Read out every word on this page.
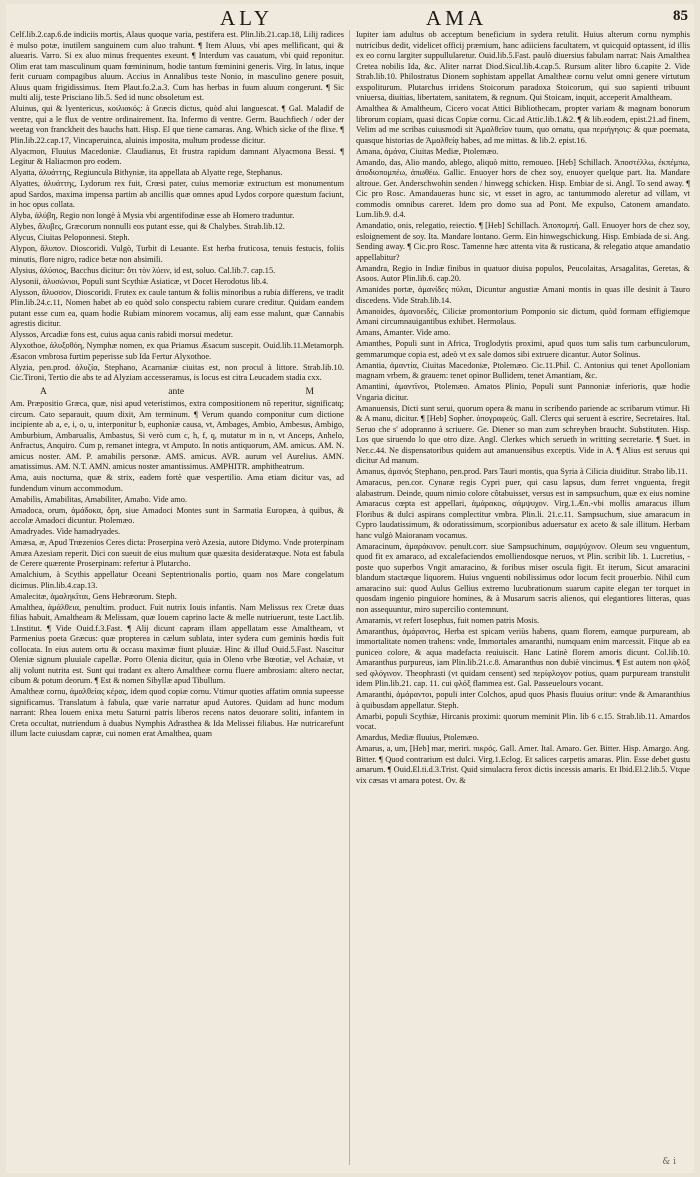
ALY	AMA	85

Celf.lib.2.cap.6.de indiciis mortis, Alaus quoque varia, pestifera est. Plin.lib.21.cap.18, Lilij radices è mulso potæ, inutilem sanguinem cum aluo trahunt. ¶ Item Aluus, vbi apes mellificant, qui & aluearis. Varro. Si ex aluo minus frequentes exeunt. ¶ Interdum vas cauatum, vbi quid reponitur. Olim erat tam masculinum quam fœmininum, hodie tantum fœminini generis. Virg. In latus, inque ferit curuam compagibus aluum. Accius in Annalibus teste Nonio, in masculino genere posuit, Aluus quam frigidissimus. Item Plaut.fo.2.a.3. Cum has herbas in fuum aluum congerunt. ¶ Sic multi alij, teste Prisciano lib.5. Sed id nunc obsoletum est.

Aluinus, qui & lyentericus, κοιλιακός: à Græcis dictus, quòd alui languescat. ¶ Gal. Maladif de ventre, qui a le flux de ventre ordinairement. Ita. Infermo di ventre. Germ. Bauchfiech / oder der weetag von franckheit des bauchs hatt. Hisp. El que tiene camaras. Ang. Which sicke of the flixe. ¶ Plin.lib.22.cap.17, Vincaperuinca, aluinis imposita, multum prodesse dicitur.

Alyacmon, Fluuius Macedoniæ. Claudianus, Et frustra rapidum damnant Alyacmona Bessi. ¶ Legitur & Haliacmon pro eodem.

Alyatta, ἀλυάττης, Regiuncula Bithyniæ, ita appellata ab Alyatte rege, Stephanus.

Alyattes, ἀλυάττης, Lydorum rex fuit, Crœsi pater, cuius memoriæ extructum est monumentum apud Sardos, maxima impensa partim ab ancillis quæ omnes apud Lydos corpore quæstum faciunt, in hoc opus collata.

Alyba, ἀλύβη, Regio non longè à Mysia vbi argentifodinæ esse ab Homero traduntur.

Alybes, ἄλυβες, Græcorum nonnulli eos putant esse, qui & Chalybes. Strab.lib.12.

Alycus, Ciuitas Peloponnesi. Steph.

Alypon, ἄλυπον. Dioscoridi. Vulgò, Turbit di Leuante. Est herba fruticosa, tenuis festucis, foliis minutis, flore nigro, radice betæ non absimili.

Alysius, ἀλύσιος, Bacchus dicitur: ὅτι τὸν λύειν, id est, soluo. Cal.lib.7. cap.15.

Alysonii, ἀλυσώνιοι, Populi sunt Scythiæ Asiaticæ, vt Docet Herodotus lib.4.

Alysson, ἄλυσσον, Dioscoridi. Frutex ex caule tantum & foliis minoribus a rubia differens, ve tradit Plin.lib.24.c.11, Nomen habet ab eo quòd solo conspectu rabiem curare creditur. Quidam eandem putant esse cum ea, quam hodie Rubiam minorem vocamus, alij eam esse malunt, quæ Cannabis agrestis dicitur.

Alyssos, Arcadiæ fons est, cuius aqua canis rabidi morsui medetur.

Alyxothoe, ἀλυξοθόη, Nymphæ nomen, ex qua Priamus Æsacum suscepit. Ouid.lib.11.Metamorph. Æsacon vmbrosa furtim peperisse sub Ida Fertur Alyxothoe.

Alyzia, pen.prod. ἀλυζία, Stephano, Acarnaniæ ciuitas est, non procul à littore. Strab.lib.10. Cic.Tironi, Tertio die abs te ad Alyziam accesseramus, is locus est citra Leucadem stadia cxx.

A	ante	M

Am. Præpositio Græca, quæ, nisi apud veteristimos, extra compositionem nō reperitur, significatq; circum. Cato separauit, quum dixit, Am terminum. ¶ Verum quando componitur cum dictione incipiente ab a, e, i, o, u, interponitur b, euphoniæ causa, vt, Ambages, Ambio, Ambesus, Ambigo, Amburbium, Ambarualis, Ambastus, Si verò cum c, h, f, q, mutatur m in n, vt Anceps, Anhelo, Anfractus, Anquiro. Cum p, remanet integra, vt Amputo. In notis antiquorum, AM. amicus. AM. N. amicus noster. AM. P. amabilis personæ. AMS. amicus. AVR. aurum vel Aurelius. AMN. amatissimus. AM. N.T. AMN. amicus noster amantissimus. AMPHITR. amphitheatrum.

Ama, auis nocturna, quæ & strix, eadem fortè quæ vespertilio. Ama etiam dicitur vas, ad fundendum vinum accommodum.

Amabilis, Amabilitas, Amabiliter, Amabo. Vide amo.

Amadoca, orum, ἀμάδοκα, ὄρη, siue Amadoci Montes sunt in Sarmatia Europæa, à quibus, & accolæ Amadoci dicuntur. Ptolemæo.

Amadryades. Vide hamadryades.

Amæsa, æ, Apud Trœzenios Ceres dicta: Proserpina verò Azesia, autore Didymo. Vnde proterpinam Amæa Azesiam reperit. Dici con sueuit de eius multum quæ quæsita desideratæque. Nota est fabula de Cerere quærente Proserpinam: refertur à Plutarcho.

Amalchium, à Scythis appellatur Oceani Septentrionalis portio, quam nos Mare congelatum dicimus. Plin.lib.4.cap.13.

Amalecitæ, ἀμαληκῖται, Gens Hebræorum. Steph.

Amalthea, ἀμάλθεια, penultim. product. Fuit nutrix Iouis infantis. Nam Melissus rex Cretæ duas filias habuit, Amaltheam & Melissam, quæ Iouem caprino lacte & melle nutriuerunt, teste Lact.lib. 1.Institut. ¶ Vide Ouid.f.3.Fast. ¶ Alij dicunt capram illam appellatam esse Amaltheam, vt Parmenius poeta Græcus: quæ propterea in cælum sublata, inter sydera cum geminis hœdis fuit collocata. In eius autem ortu & occasu maximæ fiunt pluuiæ. Hinc & illud Ouid.5.Fast. Nascitur Oleniæ signum pluuiale capellæ. Porro Olenia dicitur, quia in Oleno vrbe Bœotiæ, vel Achaiæ, vt alij volunt nutrita est. Sunt qui tradant ex altero Amaltheæ cornu fluere ambrosiam: altero nectar, cibum & potum deorum. ¶ Est & nomen Sibyllæ apud Tibullum.

Amaltheæ cornu, ἀμαλθείας κέρας, idem quod copiæ cornu. Vtimur quoties affatim omnia supeesse significamus. Translatum à fabula, quæ varie narratur apud Autores. Quidam ad hunc modum narrant: Rhea louem enixa metu Saturni patris liberos recens natos deuorare soliti, infantem in Creta occultat, nutriendum à duabus Nymphis Adrasthea & Ida Melissei filiabus. Hæ nutricarefunt illum lacte cuiusdam capræ, cui nomen erat Amalthea, quam

Iupiter iam adultus ob acceptum beneficium in sydera retulit. Huius alterum cornu nymphis nutricibus dedit, videlicet officij præmium, hanc adiiciens facultatem, vt quicquid optassent, id illis ex eo cornu largiter suppullularetur. Ouid.lib.5.Fast. paulò diuersius fabulam narrat: Nais Amalthea Cretea nobilis Ida, &c. Aliter narrat Diod.Sicul.lib.4.cap.5. Rursum aliter libro 6.capite 2. Vide Strab.lib.10. Philostratus Dionem sophistam appellat Amaltheæ cornu velut omni genere virtutum exspoliturum. Plutarchus irridens Stoicorum paradoxa Stoicorum, qui suo sapienti tribuunt vniuersa, diuitias, libertatem, sanitatem, & regnum. Qui Stoicam, inquit, acceperit Amaltheam.

Amalthea & Amaltheum, Cicero vocat Attici Bibliothecam, propter variam & magnam bonorum librorum copiam, quasi dicas Copiæ cornu. Cic.ad Attic.lib.1.&2. ¶ & lib.eodem, epist.21.ad finem, Velim ad me scribas cuiusmodi sit Ἀμαλθεῖον tuum, quo ornatu, qua περιήγησις: & quæ poemata, quasque historias de Ἀμαλθείᾳ habes, ad me mittas. & lib.2. epist.16.

Amana, ἀμάνα, Ciuitas Mediæ, Ptolemæo.

Amando, das, Alio mando, ablego, aliquò mitto, remoueo. [Heb] Schillach. Ἀποστέλλω, ἐκπέμπω, ἀποδιοπομπέω, ἀπωθέω. Gallic. Enuoyer hors de chez soy, enuoyer quelque part. Ita. Mandare altroue. Ger. Anderschwohin senden / hinwegg schicken. Hisp. Embiar de si. Angl. To send away. ¶ Cic pro Rosc. Amandaueras hunc sic, vt esset in agro, ac tantummodo aleretur ad villam, vt commodis omnibus careret. Idem pro domo sua ad Pont. Me expulso, Catonem amandato. Lum.lib.9. d.4.

Amandatio, onis, relegatio, reiectio. ¶ [Heb] Schillach. Ἀποπομπή. Gall. Enuoyer hors de chez soy, esloignement de soy. Ita. Mandare lontano. Germ. Ein hinwegschickung. Hisp. Embiada de si. Ang. Sending away. ¶ Cic.pro Rosc. Tamenne hæc attenta vita & rusticana, & relegatio atque amandatio appellabitur?

Amandra, Regio in Indiæ finibus in quatuor diuisa populos, Peucolaitas, Arsagalitas, Geretas, & Asoos. Autor Plin.lib.6. cap.20.

Amanides portæ, ἀμανίδες πύλαι, Dicuntur angustiæ Amani montis in quas ille desinit à Tauro discedens. Vide Strab.lib.14.

Amanoides, ἀμανοειδὲς, Ciliciæ promontorium Pomponio sic dictum, quòd formam effigiemque Amani circumnauigantibus exhibet. Hermolaus.

Amans, Amanter. Vide amo.

Amanthes, Populi sunt in Africa, Troglodytis proximi, apud quos tum salis tum carbunculorum, gemmarumque copia est, adeò vt ex sale domos sibi extruere dicantur. Autor Solinus.

Amantia, ἀμαντία, Ciuitas Macedoniæ, Ptolemæo. Cic.11.Phil. C. Antonius qui tenet Apolloniam magnam vrbem, & grauem: tenet opinor Bullidem, tenet Amantiam, &c.

Amantini, ἀμαντῖνοι, Ptolemæo. Amatos Plinio, Populi sunt Pannoniæ inferioris, quæ hodie Vngaria dicitur.

Amanuensis, Dicti sunt serui, quorum opera & manu in scribendo pariende ac scribarum vtimur. Hi & A manu, dicitur. ¶ [Heb] Sopher. ὑπογραφεύς. Gall. Clercs qui seruent à escrire, Secretaires. Ital. Seruo che s' adopranno à scriuere. Ge. Diener so man zum schreyben braucht. Substituten. Hisp. Los que siruendo lo que otro dize. Angl. Clerkes which serueth in writting secretarie. ¶ Suet. in Ner.c.44. Ne dispensatoribus quidem aut amanuensibus exceptis. Vide in A. ¶ Alius est seruus qui dicitur Ad manum.

Amanus, ἀμανός Stephano, pen.prod. Pars Tauri montis, qua Syria à Cilicia diuiditur. Strabo lib.11.

Amaracus, pen.cor. Cynaræ regis Cypri puer, qui casu lapsus, dum ferret vnguenta, fregit alabastrum. Deinde, quum nimio colore côtabuisset, versus est in sampsuchum, quæ ex eius nomine Amaracus cœpta est appellari, ἀμάρακος, σάμψυχον. Virg.1.Æn.-vbi mollis amaracus illum Floribus & dulci aspirans complectitur vmbra. Plin.li. 21.c.11. Sampsuchum, siue amaracum in Cypro laudatissimum, & odoratissimum, scorpionibus aduersatur ex aceto & sale illitum. Herbam hanc vulgò Maioranam vocamus.

Amaracinum, ἀμαράκινον. penult.corr. siue Sampsuchinum, σαμψύχινον. Oleum seu vnguentum, quod fit ex amaraco, ad excalefaciendos emolliendosque neruos, vt Plin. scribit lib. 1. Lucretius, -poste quo superbos Vngit amaracino, & foribus miser oscula figit. Et iterum, Sicut amaracini blandum stactæque liquorem. Huius vnguenti nobilissimus odor locum fecit prouerbio. Nihil cum amaracino sui: quod Aulus Gellius extremo lucubrationum suarum capite elegan ter torquet in quosdam ingenio pinguiore homines, & à Musarum sacris alienos, qui elegantiores litteras, quas non assequuntur, miro supercilio contemnunt.

Amaramis, vt refert Iosephus, fuit nomen patris Mosis.

Amaranthus, ἀμάραντος, Herba est spicam veriùs habens, quam florem, eamque purpuream, ab immortalitate nomen trahens: vnde, Immortales amaranthi, numquam enim marcessit. Fitque ab ea puniceo colore, & aqua madefacta reuiuiscit. Hanc Latinè florem amoris dicunt. Col.lib.10. Amaranthus purpureus, iam Plin.lib.21.c.8. Amaranthus non dubiè vincimus. ¶ Est autem non φλὸξ sed φλόγινον. Theophrasti (vt quidam censent) sed περίφλογον potius, quam purpuream transtulit idem Plin.lib.21. cap. 11. cui φλόξ flammea est. Gal. Passeuelours vocant.

Amaranthi, ἀμάραντοι, populi inter Colchos, apud quos Phasis fluuius oritur: vnde & Amaranthius à quibusdam appellatur. Steph.

Amarbi, populi Scythiæ, Hircanis proximi: quorum meminit Plin. lib 6 c.15. Strab.lib.11. Amardos vocat.

Amardus, Mediæ fluuius, Ptolemæo.

Amarus, a, um, [Heb] mar, meriri. πικρός. Gall. Amer. Ital. Amaro. Ger. Bitter. Hisp. Amargo. Ang. Bitter. ¶ Quod contrarium est dulci. Virg.1.Eclog. Et salices carpetis amaras. Plin. Esse debet gustu amarum. ¶ Ouid.El.ti.d.3.Trist. Quid simulacra ferox dictis incessis amaris. Et Ibid.El.2.lib.5. Vtque vix cæsas vt amara potest. Ov. &

& i
